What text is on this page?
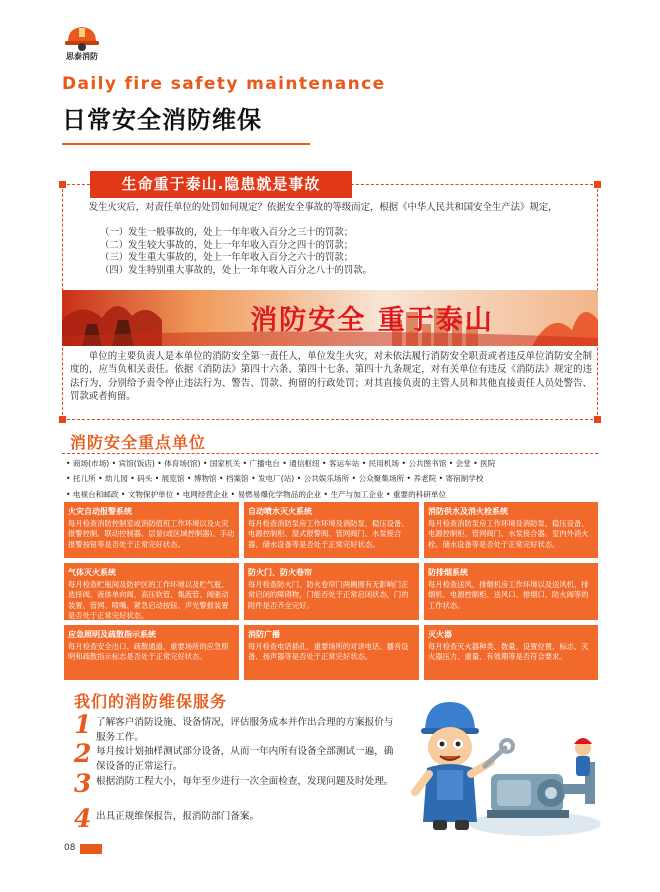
思泰消防
Daily fire safety maintenance
日常安全消防维保
生命重于泰山.隐患就是事故
发生火灾后，对责任单位的处罚如何规定？依据安全事故的等级而定，根据《中华人民共和国安全生产法》规定，
（一）发生一般事故的，处上一年年收入百分之三十的罚款；
（二）发生较大事故的，处上一年年收入百分之四十的罚款；
（三）发生重大事故的，处上一年年收入百分之六十的罚款；
（四）发生特别重大事故的，处上一年年收入百分之八十的罚款。
消防安全 重于泰山
单位的主要负责人是本单位的消防安全第一责任人，单位发生火灾，对未依法履行消防安全职责或者违反单位消防安全制度的，应当负相关责任。依据《消防法》第四十六条、第四十七条、第四十九条规定，对有关单位有违反《消防法》规定的违法行为，分别给予责令停止违法行为、警告、罚款、拘留的行政处罚；对其直接负责的主管人员和其他直接责任人员处警告、罚款或者拘留。
消防安全重点单位
• 商场(市场) • 宾馆(饭店) • 体育场(馆) • 国家机关 • 广播电台 • 通信枢纽 • 客运车站 • 民用机场 • 公共图书馆 • 会堂 • 医院
• 托儿所 • 幼儿园 • 码头 • 展览馆 • 博物馆 • 档案馆 • 发电厂(站) • 公共娱乐场所 • 公众聚集场所 • 养老院 • 寄宿制学校
• 电视台和邮政 • 文物保护单位 • 电网经营企业 • 易燃易爆化学物品的企业 • 生产与加工企业 • 重要的科研单位
火灾自动报警系统
每月检查消防控制室或消防值班工作环境以及火灾报警控制、联动控制器、层显(或区域控制器)、手动报警按钮等是否处于正常完好状态。
自动喷水灭火系统
每月检查消防泵房工作环境及消防泵、稳压设备、电源控制柜、湿式报警阀、管网阀门、水泵接合器、储水设备等是否处于正常完好状态。
消防供水及消火栓系统
每月检查消防泵房工作环境及消防泵、稳压设备、电源控制柜、管网阀门、水泵接合器、室内外消火栓、储水设备等是否处于正常完好状态。
气体灭火系统
每月检查贮瓶间及防护区的工作环境以及贮气瓶、选择阀、液体单向阀、高压软管、集流管、阀驱动装置、管网、喷嘴、紧急启动按钮、声光警报装置是否处于正常完好状态。
防火门、防火卷帘
每月检查防火门、防火卷帘门两侧围有无影响门正常启闭的障碍物，门能否处于正常启闭状态，门的附件是否齐全完好。
防排烟系统
每月检查送风、排烟机房工作环境以及送风机、排烟机、电源控制柜、送风口、排烟口、防火阀等的工作状态。
应急照明及疏散指示系统
每月检查安全出口、疏散通道、重要场所的应急照明和疏散指示标志是否处于正常完好状态。
消防广播
每月检查电话插孔、重要场所的对讲电话、播音设备、扬声器等是否处于正常完好状态。
灭火器
每月检查灭火器种类、数量、设置位置、标志、灭火器压力、重量、有效期等是否符合要求。
我们的消防维保服务
1 了解客户消防设施、设备情况，评估服务成本并作出合理的方案报价与服务工作。
2 每月按计划抽样测试部分设备，从而一年内所有设备全部测试一遍，确保设备的正常运行。
3 根据消防工程大小，每年至少进行一次全面检查，发现问题及时处理。
4 出具正规维保报告，报消防部门备案。
08
